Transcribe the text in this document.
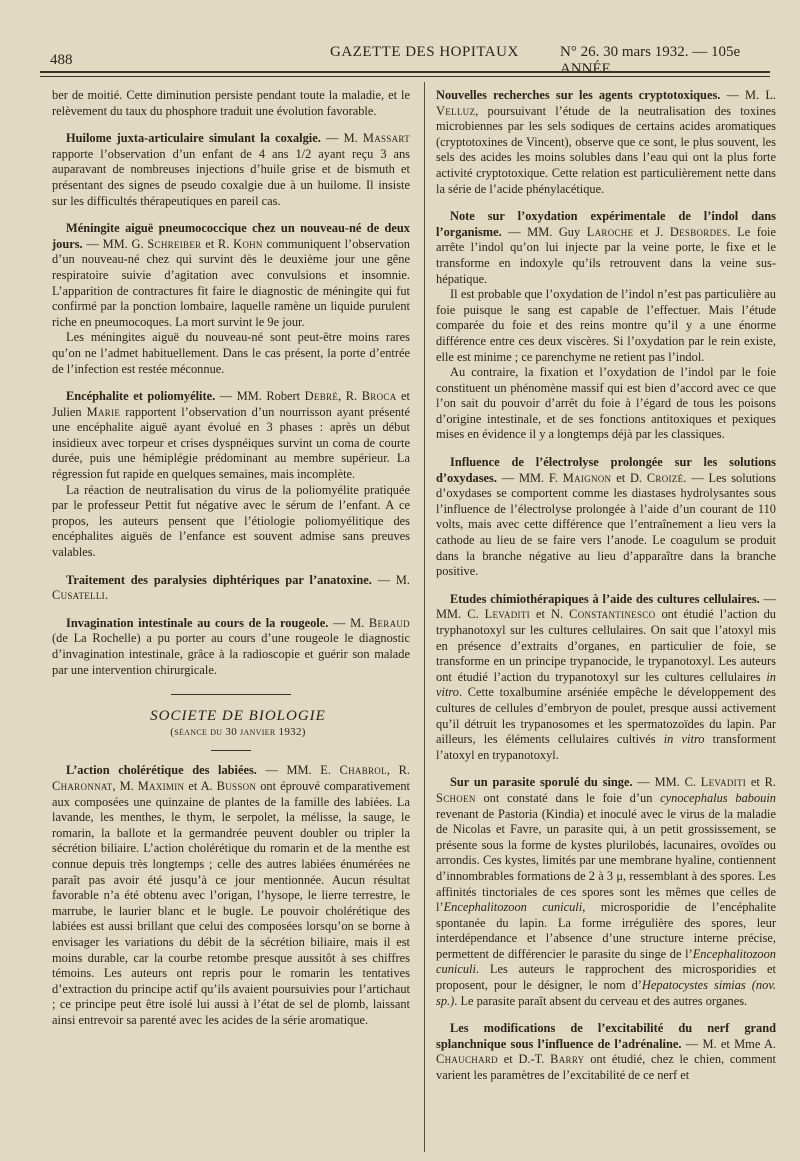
488	GAZETTE DES HOPITAUX	N° 26. 30 mars 1932. — 105e ANNÉE.

ber de moitié. Cette diminution persiste pendant toute la maladie, et le relèvement du taux du phosphore traduit une évolution favorable.

Huilome juxta-articulaire simulant la coxalgie. — M. Massart rapporte l’observation d’un enfant de 4 ans 1/2 ayant reçu 3 ans auparavant de nombreuses injections d’huile grise et de bismuth et présentant des signes de pseudo coxalgie due à un huilome. Il insiste sur les difficultés thérapeutiques en pareil cas.

Méningite aiguë pneumococcique chez un nouveau-né de deux jours. — MM. G. Schreiber et R. Kohn communiquent l’observation d’un nouveau-né chez qui survint dès le deuxième jour une gêne respiratoire suivie d’agitation avec convulsions et insomnie. L’apparition de contractures fit faire le diagnostic de méningite qui fut confirmé par la ponction lombaire, laquelle ramène un liquide purulent riche en pneumocoques. La mort survint le 9e jour.

Les méningites aiguë du nouveau-né sont peut-être moins rares qu’on ne l’admet habituellement. Dans le cas présent, la porte d’entrée de l’infection est restée méconnue.

Encéphalite et poliomyélite. — MM. Robert Debré, R. Broca et Julien Marie rapportent l’observation d’un nourrisson ayant présenté une encéphalite aiguë ayant évolué en 3 phases : après un début insidieux avec torpeur et crises dyspnéiques survint un coma de courte durée, puis une hémiplégie prédominant au membre supérieur. La régression fut rapide en quelques semaines, mais incomplète.

La réaction de neutralisation du virus de la poliomyélite pratiquée par le professeur Pettit fut négative avec le sérum de l’enfant. A ce propos, les auteurs pensent que l’étiologie poliomyélitique des encéphalites aiguës de l’enfance est souvent admise sans preuves valables.

Traitement des paralysies diphtériques par l’anatoxine. — M. Cusatelli.

Invagination intestinale au cours de la rougeole. — M. Beraud (de La Rochelle) a pu porter au cours d’une rougeole le diagnostic d’invagination intestinale, grâce à la radioscopie et guérir son malade par une intervention chirurgicale.

SOCIETE DE BIOLOGIE

(séance du 30 janvier 1932)

L’action cholérétique des labiées. — MM. E. Chabrol, R. Charonnat, M. Maximin et A. Busson ont éprouvé comparativement aux composées une quinzaine de plantes de la famille des labiées. La lavande, les menthes, le thym, le serpolet, la mélisse, la sauge, le romarin, la ballote et la germandrée peuvent doubler ou tripler la sécrétion biliaire. L’action cholérétique du romarin et de la menthe est connue depuis très longtemps ; celle des autres labiées énumérées ne paraît pas avoir été jusqu’à ce jour mentionnée. Aucun résultat favorable n’a été obtenu avec l’origan, l’hysope, le lierre terrestre, le marrube, le laurier blanc et le bugle. Le pouvoir cholérétique des labiées est aussi brillant que celui des composées lorsqu’on se borne à envisager les variations du débit de la sécrétion biliaire, mais il est moins durable, car la courbe retombe presque aussitôt à ses chiffres témoins. Les auteurs ont repris pour le romarin les tentatives d’extraction du principe actif qu’ils avaient poursuivies pour l’artichaut ; ce principe peut être isolé lui aussi à l’état de sel de plomb, laissant ainsi entrevoir sa parenté avec les acides de la série aromatique.

Nouvelles recherches sur les agents cryptotoxiques. — M. L. Velluz, poursuivant l’étude de la neutralisation des toxines microbiennes par les sels sodiques de certains acides aromatiques (cryptotoxines de Vincent), observe que ce sont, le plus souvent, les sels des acides les moins solubles dans l’eau qui ont la plus forte activité cryptotoxique. Cette relation est particulièrement nette dans la série de l’acide phénylacétique.

Note sur l’oxydation expérimentale de l’indol dans l’organisme. — MM. Guy Laroche et J. Desbordes. Le foie arrête l’indol qu’on lui injecte par la veine porte, le fixe et le transforme en indoxyle qu’ils retrouvent dans la veine sus-hépatique.

Il est probable que l’oxydation de l’indol n’est pas particulière au foie puisque le sang est capable de l’effectuer. Mais l’étude comparée du foie et des reins montre qu’il y a une énorme différence entre ces deux viscères. Si l’oxydation par le rein existe, elle est minime ; ce parenchyme ne retient pas l’indol.

Au contraire, la fixation et l’oxydation de l’indol par le foie constituent un phénomène massif qui est bien d’accord avec ce que l’on sait du pouvoir d’arrêt du foie à l’égard de tous les poisons d’origine intestinale, et de ses fonctions antitoxiques et pexiques mises en évidence il y a longtemps déjà par les classiques.

Influence de l’électrolyse prolongée sur les solutions d’oxydases. — MM. F. Maignon et D. Croizé. — Les solutions d’oxydases se comportent comme les diastases hydrolysantes sous l’influence de l’électrolyse prolongée à l’aide d’un courant de 110 volts, mais avec cette différence que l’entraînement a lieu vers la cathode au lieu de se faire vers l’anode. Le coagulum se produit dans la branche négative au lieu d’apparaître dans la branche positive.

Etudes chimiothérapiques à l’aide des cultures cellulaires. — MM. C. Levaditi et N. Constantinesco ont étudié l’action du tryphanotoxyl sur les cultures cellulaires. On sait que l’atoxyl mis en présence d’extraits d’organes, en particulier de foie, se transforme en un principe trypanocide, le trypanotoxyl. Les auteurs ont étudié l’action du trypanotoxyl sur les cultures cellulaires in vitro. Cette toxalbumine arséniée empêche le développement des cultures de cellules d’embryon de poulet, presque aussi activement qu’il détruit les trypanosomes et les spermatozoïdes du lapin. Par ailleurs, les éléments cellulaires cultivés in vitro transforment l’atoxyl en trypanotoxyl.

Sur un parasite sporulé du singe. — MM. C. Levaditi et R. Schoen ont constaté dans le foie d’un cynocephalus babouin revenant de Pastoria (Kindia) et inoculé avec le virus de la maladie de Nicolas et Favre, un parasite qui, à un petit grossissement, se présente sous la forme de kystes plurilobés, lacunaires, ovoïdes ou arrondis. Ces kystes, limités par une membrane hyaline, contiennent d’innombrables formations de 2 à 3 μ, ressemblant à des spores. Les affinités tinctoriales de ces spores sont les mêmes que celles de l’Encephalitozoon cuniculi, microsporidie de l’encéphalite spontanée du lapin. La forme irrégulière des spores, leur interdépendance et l’absence d’une structure interne précise, permettent de différencier le parasite du singe de l’Encephalitozoon cuniculi. Les auteurs le rapprochent des microsporidies et proposent, pour le désigner, le nom d’Hepatocystes simias (nov. sp.). Le parasite paraît absent du cerveau et des autres organes.

Les modifications de l’excitabilité du nerf grand splanchnique sous l’influence de l’adrénaline. — M. et Mme A. Chauchard et D.-T. Barry ont étudié, chez le chien, comment varient les paramètres de l’excitabilité de ce nerf et
